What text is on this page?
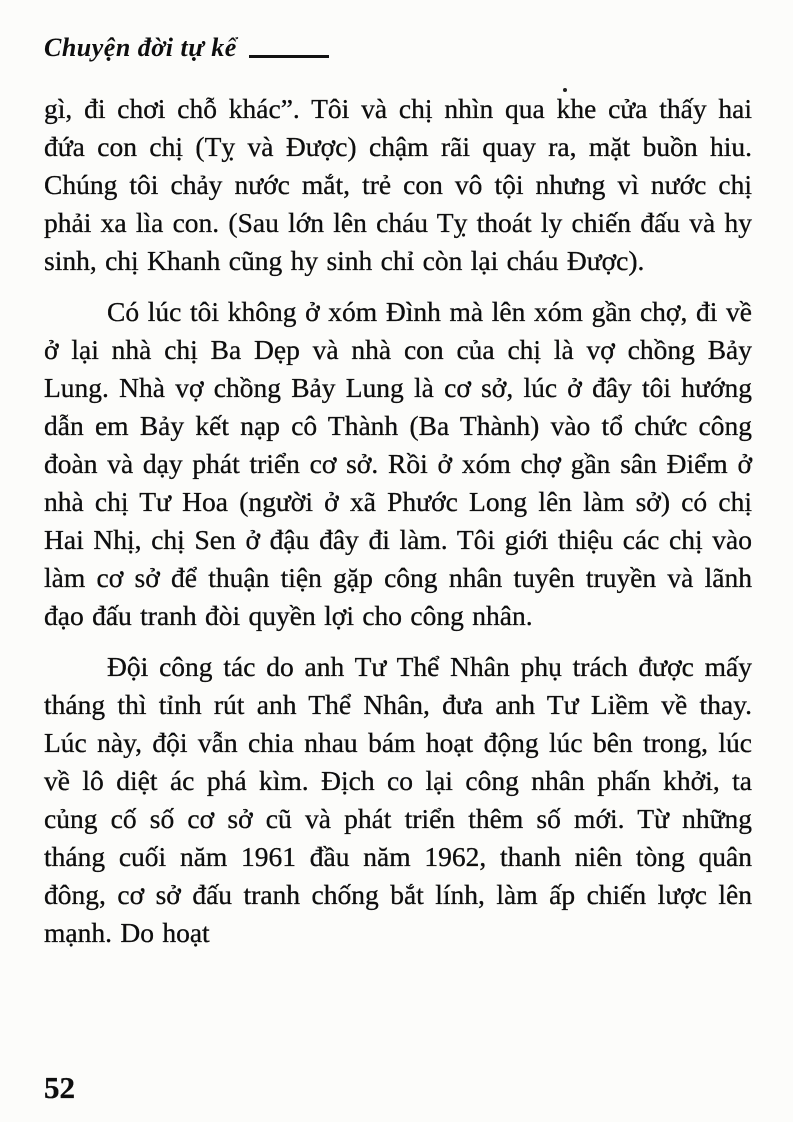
Chuyện đời tự kể

gì, đi chơi chỗ khác”. Tôi và chị nhìn qua khe cửa thấy hai đứa con chị (Tỵ và Được) chậm rãi quay ra, mặt buồn hiu. Chúng tôi chảy nước mắt, trẻ con vô tội nhưng vì nước chị phải xa lìa con. (Sau lớn lên cháu Tỵ thoát ly chiến đấu và hy sinh, chị Khanh cũng hy sinh chỉ còn lại cháu Được).

Có lúc tôi không ở xóm Đình mà lên xóm gần chợ, đi về ở lại nhà chị Ba Dẹp và nhà con của chị là vợ chồng Bảy Lung. Nhà vợ chồng Bảy Lung là cơ sở, lúc ở đây tôi hướng dẫn em Bảy kết nạp cô Thành (Ba Thành) vào tổ chức công đoàn và dạy phát triển cơ sở. Rồi ở xóm chợ gần sân Điểm ở nhà chị Tư Hoa (người ở xã Phước Long lên làm sở) có chị Hai Nhị, chị Sen ở đậu đây đi làm. Tôi giới thiệu các chị vào làm cơ sở để thuận tiện gặp công nhân tuyên truyền và lãnh đạo đấu tranh đòi quyền lợi cho công nhân.

Đội công tác do anh Tư Thể Nhân phụ trách được mấy tháng thì tỉnh rút anh Thể Nhân, đưa anh Tư Liềm về thay. Lúc này, đội vẫn chia nhau bám hoạt động lúc bên trong, lúc về lô diệt ác phá kìm. Địch co lại công nhân phấn khởi, ta củng cố số cơ sở cũ và phát triển thêm số mới. Từ những tháng cuối năm 1961 đầu năm 1962, thanh niên tòng quân đông, cơ sở đấu tranh chống bắt lính, làm ấp chiến lược lên mạnh. Do hoạt

52
